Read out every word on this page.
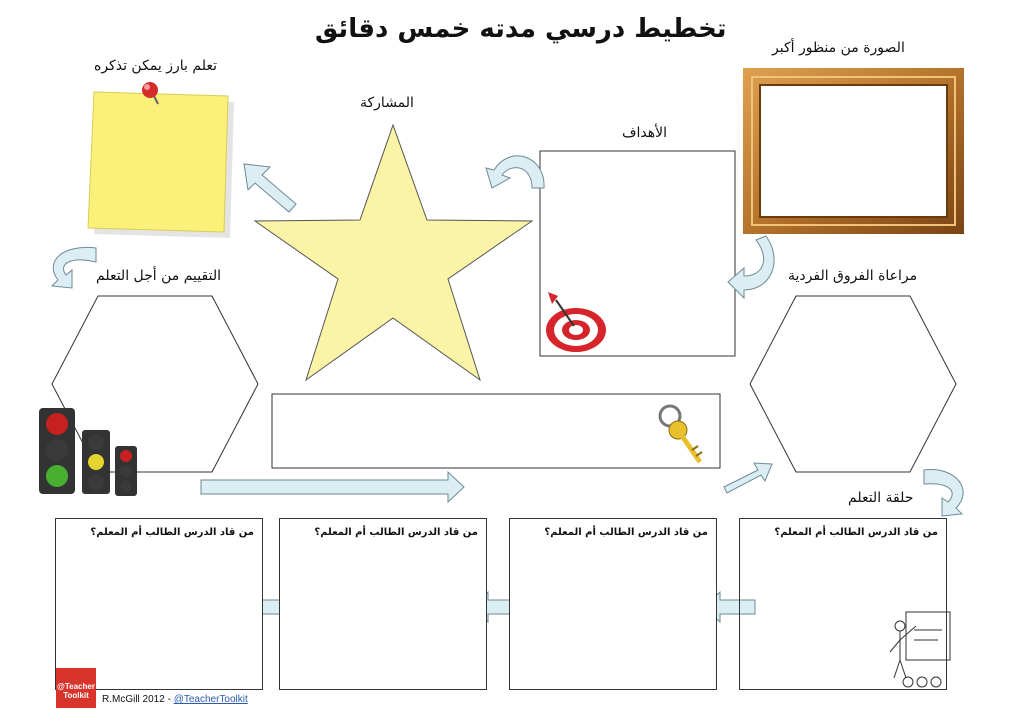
تخطيط درسي مدته خمس دقائق
تعلم بارز يمكن تذكره
المشاركة
الأهداف
الصورة من منظور أكبر
التقييم من أجل التعلم	مراعاة الفروق الفردية
حلقة التعلم
من قاد الدرس الطالب أم المعلم؟	من قاد الدرس الطالب أم المعلم؟	من قاد الدرس الطالب أم المعلم؟	من قاد الدرس الطالب أم المعلم؟
@Teacher Toolkit	R.McGill 2012 - @TeacherToolkit
